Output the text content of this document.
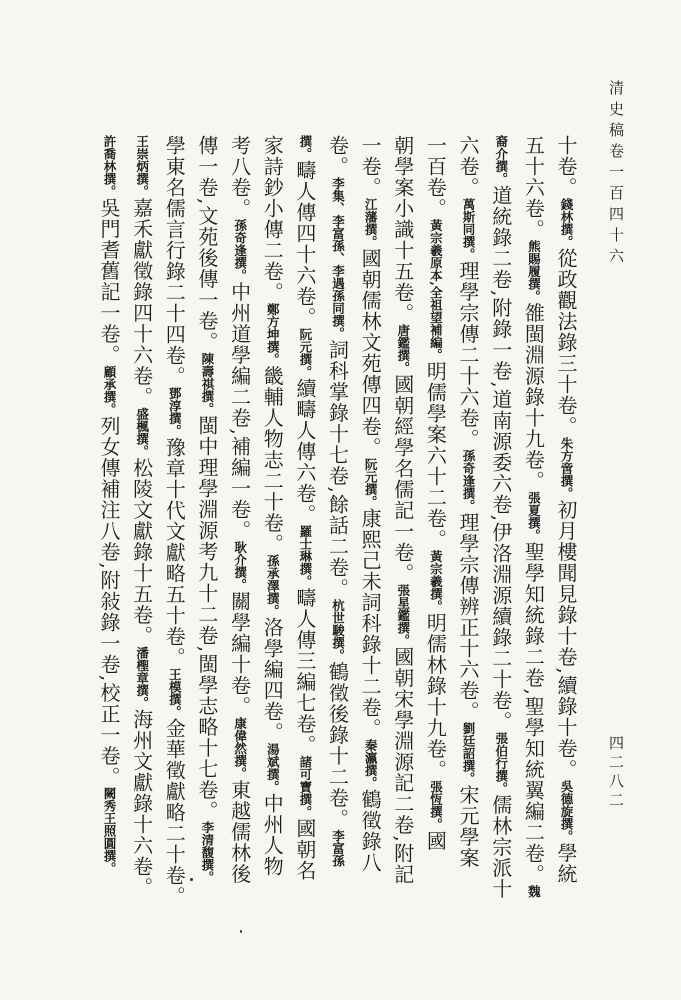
清史稿卷一百四十六
四二八二
十卷。錢林撰。從政觀法錄三十卷。朱方啻撰。初月樓聞見錄十卷,續錄十卷。吳德旋撰。學統
五十六卷。熊賜履撰。雒閩淵源錄十九卷。張夏撰。聖學知統錄二卷,聖學知統翼編二卷。魏
裔介撰。道統錄二卷,附錄一卷,道南源委六卷,伊洛淵源續錄二十卷。張伯行撰。儒林宗派十
六卷。萬斯同撰。理學宗傳二十六卷。孫奇逢撰。理學宗傳辨正十六卷。劉廷詔撰。宋元學案
一百卷。黃宗羲原本,全祖望補編。明儒學案六十二卷。黃宗羲撰。明儒林錄十九卷。張恆撰。國
朝學案小識十五卷。唐鑑撰。國朝經學名儒記一卷。張星鑑撰。國朝宋學淵源記二卷,附記
一卷。江藩撰。國朝儒林文苑傳四卷。阮元撰。康熙己未詞科錄十二卷。秦瀛撰。鶴徵錄八
卷。李集、李富孫、李遇孫同撰。詞科掌錄十七卷,餘話二卷。杭世駿撰。鶴徵後錄十二卷。李富孫
撰。疇人傳四十六卷。阮元撰。續疇人傳六卷。羅士琳撰。疇人傳三編七卷。諸可寶撰。國朝名
家詩鈔小傳二卷。鄭方坤撰。畿輔人物志二十卷。孫承澤撰。洛學編四卷。湯斌撰。中州人物
考八卷。孫奇逢撰。中州道學編二卷,補編一卷。耿介撰。關學編十卷。康偉然撰。東越儒林後
傳一卷,文苑後傳一卷。陳壽祺撰。閩中理學淵源考九十二卷,閩學志略十七卷。李清馥撰。
學東名儒言行錄二十四卷。鄧淳撰。豫章十代文獻略五十卷。王模撰。金華徵獻略二十卷。
王崇炳撰。嘉禾獻徵錄四十六卷。盛楓撰。松陵文獻錄十五卷。潘檉章撰。海州文獻錄十六卷。
許喬林撰。吳門耆舊記一卷。顧承撰。列女傳補注八卷,附敍錄一卷,校正一卷。闕秀王照圓撰。
